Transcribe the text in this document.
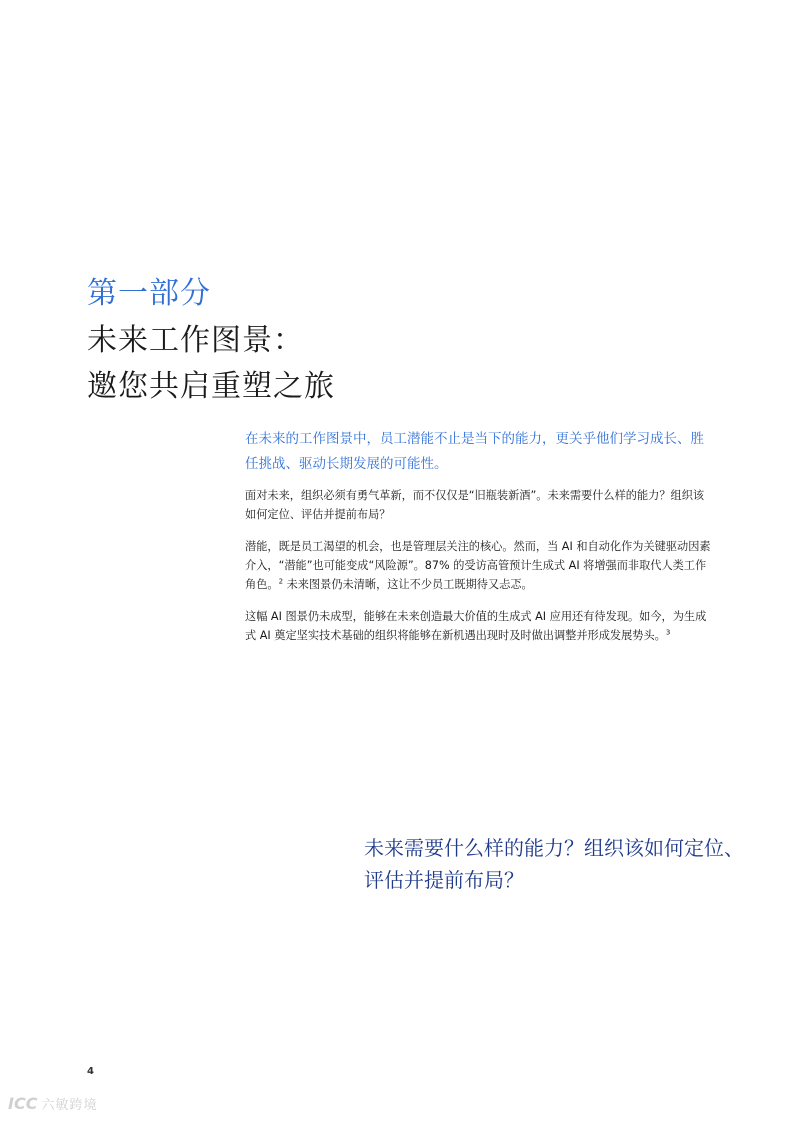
第一部分
未来工作图景：
邀您共启重塑之旅
在未来的工作图景中，员工潜能不止是当下的能力，更关乎他们学习成长、胜任挑战、驱动长期发展的可能性。

面对未来，组织必须有勇气革新，而不仅仅是“旧瓶装新酒”。未来需要什么样的能力？组织该如何定位、评估并提前布局？

潜能，既是员工渴望的机会，也是管理层关注的核心。然而，当 AI 和自动化作为关键驱动因素介入，“潜能”也可能变成“风险源”。87% 的受访高管预计生成式 AI 将增强而非取代人类工作角色。$^2$ 未来图景仍未清晰，这让不少员工既期待又忐忑。

这幅 AI 图景仍未成型，能够在未来创造最大价值的生成式 AI 应用还有待发现。如今，为生成式 AI 奠定坚实技术基础的组织将能够在新机遇出现时及时做出调整并形成发展势头。$^3$

未来需要什么样的能力？组织该如何定位、评估并提前布局？
4
ICC 六敏跨境
